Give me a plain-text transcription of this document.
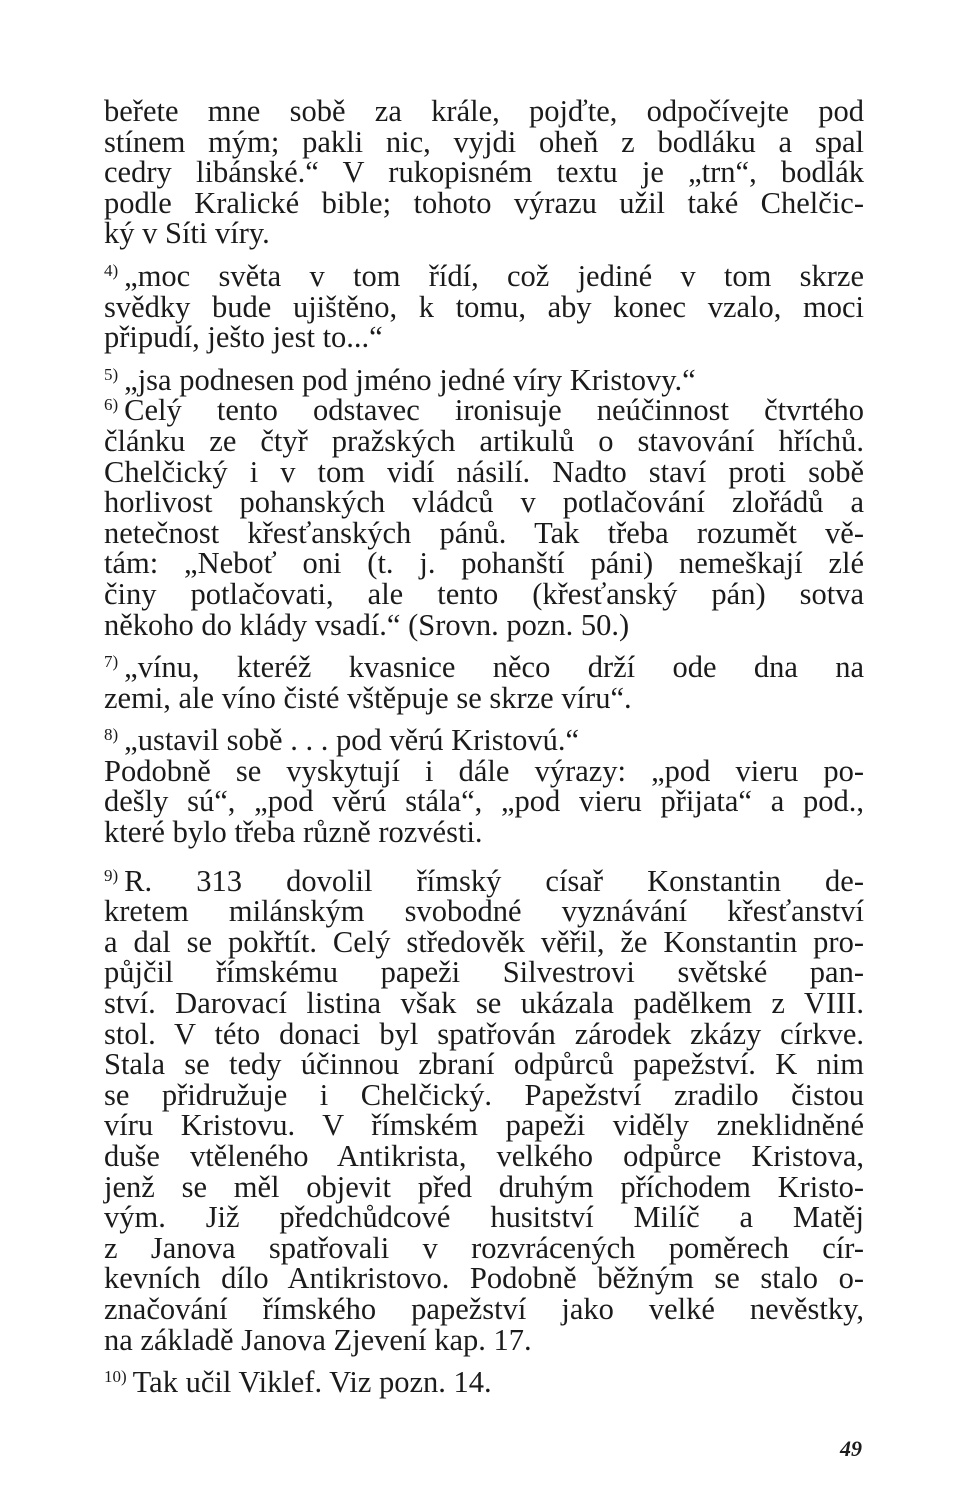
beřete mne sobě za krále, pojďte, odpočívejte pod
stínem mým; pakli nic, vyjdi oheň z bodláku a spal
cedry libánské.“ V rukopisném textu je „trn“, bodlák
podle Kralické bible; tohoto výrazu užil také Chelčic-
ký v Síti víry.

$^{4)}$ „moc světa v tom řídí, což jediné v tom skrze
svědky bude ujištěno, k tomu, aby konec vzalo, moci
připudí, ješto jest to...“

$^{5)}$ „jsa podnesen pod jméno jedné víry Kristovy.“

$^{6)}$ Celý tento odstavec ironisuje neúčinnost čtvrtého
článku ze čtyř pražských artikulů o stavování hříchů.
Chelčický i v tom vidí násilí. Nadto staví proti sobě
horlivost pohanských vládců v potlačování zlořádů a
netečnost křesťanských pánů. Tak třeba rozumět vě-
tám: „Neboť oni (t. j. pohanští páni) nemeškají zlé
činy potlačovati, ale tento (křesťanský pán) sotva
někoho do klády vsadí.“ (Srovn. pozn. 50.)

$^{7)}$ „vínu, kteréž kvasnice něco drží ode dna na
zemi, ale víno čisté vštěpuje se skrze víru“.

$^{8)}$ „ustavil sobě . . . pod věrú Kristovú.“
Podobně se vyskytují i dále výrazy: „pod vieru po-
dešly sú“, „pod věrú stála“, „pod vieru přijata“ a pod.,
které bylo třeba různě rozvésti.

$^{9)}$ R. 313 dovolil římský císař Konstantin de-
kretem milánským svobodné vyznávání křesťanství
a dal se pokřtít. Celý středověk věřil, že Konstantin pro-
půjčil římskému papeži Silvestrovi světské pan-
ství. Darovací listina však se ukázala padělkem z VIII.
stol. V této donaci byl spatřován zárodek zkázy církve.
Stala se tedy účinnou zbraní odpůrců papežství. K nim
se přidružuje i Chelčický. Papežství zradilo čistou
víru Kristovu. V římském papeži viděly zneklidněné
duše vtěleného Antikrista, velkého odpůrce Kristova,
jenž se měl objevit před druhým příchodem Kristo-
vým. Již předchůdcové husitství Milíč a Matěj
z Janova spatřovali v rozvrácených poměrech cír-
kevních dílo Antikristovo. Podobně běžným se stalo o-
značování římského papežství jako velké nevěstky,
na základě Janova Zjevení kap. 17.

$^{10)}$ Tak učil Viklef. Viz pozn. 14.

49
